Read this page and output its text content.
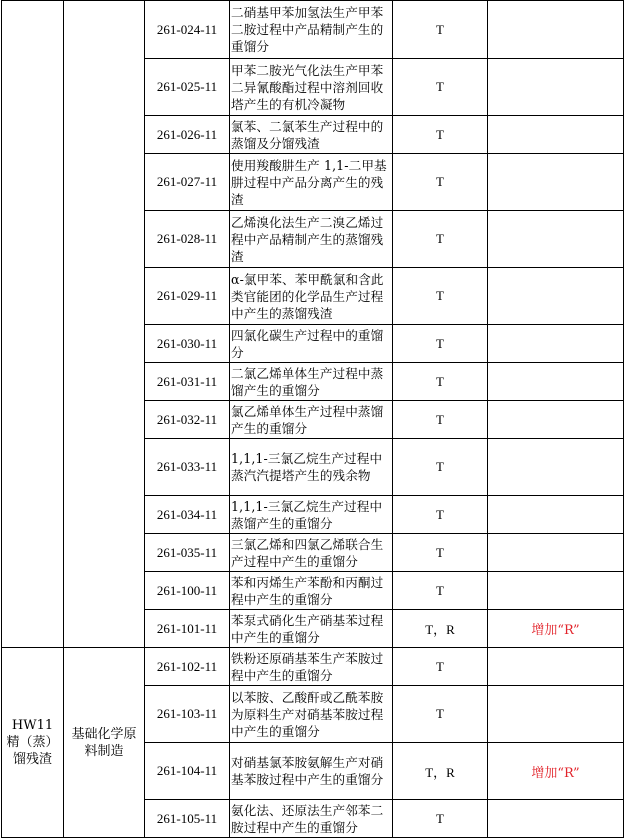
		261-024-11	二硝基甲苯加氢法生产甲苯二胺过程中产品精制产生的重馏分	T	
		261-025-11	甲苯二胺光气化法生产甲苯二异氰酸酯过程中溶剂回收塔产生的有机冷凝物	T	
		261-026-11	氯苯、二氯苯生产过程中的蒸馏及分馏残渣	T	
		261-027-11	使用羧酸肼生产 1,1-二甲基肼过程中产品分离产生的残渣	T	
		261-028-11	乙烯溴化法生产二溴乙烯过程中产品精制产生的蒸馏残渣	T	
		261-029-11	α-氯甲苯、苯甲酰氯和含此类官能团的化学品生产过程中产生的蒸馏残渣	T	
		261-030-11	四氯化碳生产过程中的重馏分	T	
		261-031-11	二氯乙烯单体生产过程中蒸馏产生的重馏分	T	
		261-032-11	氯乙烯单体生产过程中蒸馏产生的重馏分	T	
		261-033-11	1,1,1-三氯乙烷生产过程中蒸汽汽提塔产生的残余物	T	
		261-034-11	1,1,1-三氯乙烷生产过程中蒸馏产生的重馏分	T	
		261-035-11	三氯乙烯和四氯乙烯联合生产过程中产生的重馏分	T	
		261-100-11	苯和丙烯生产苯酚和丙酮过程中产生的重馏分	T	
		261-101-11	苯泵式硝化生产硝基苯过程中产生的重馏分	T，R	增加“R”

HW11
精（蒸）馏残渣	基础化学原料制造	261-102-11	铁粉还原硝基苯生产苯胺过程中产生的重馏分	T	
		261-103-11	以苯胺、乙酸酐或乙酰苯胺为原料生产对硝基苯胺过程中产生的重馏分	T	
		261-104-11	对硝基氯苯胺氨解生产对硝基苯胺过程中产生的重馏分	T，R	增加“R”
		261-105-11	氨化法、还原法生产邻苯二胺过程中产生的重馏分	T	
